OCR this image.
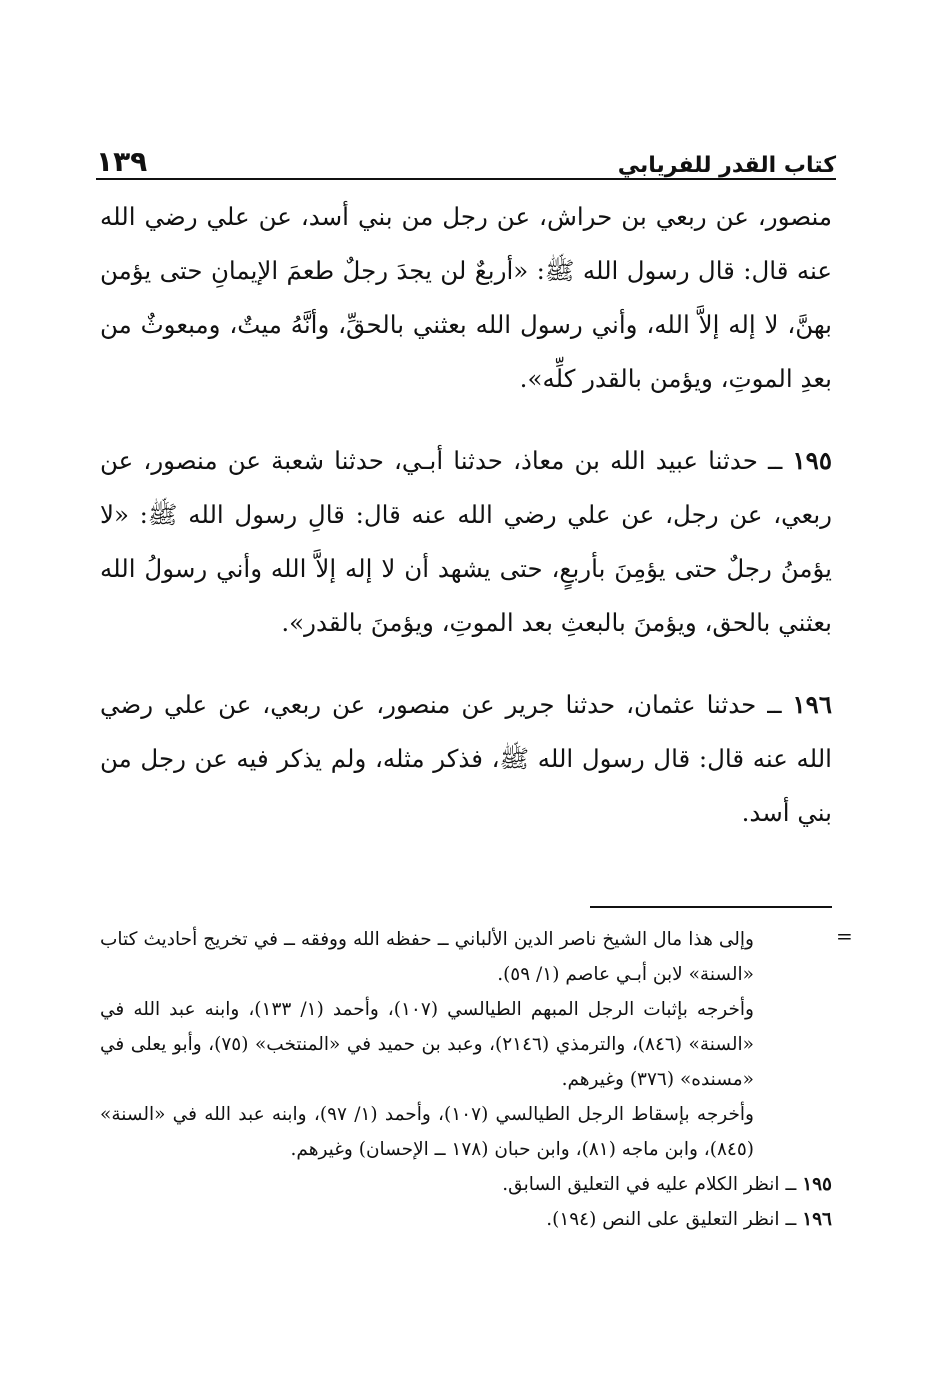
كتاب القدر للفريابي
١٣٩

منصور، عن ربعي بن حراش، عن رجل من بني أسد، عن علي رضي الله عنه قال: قال رسول الله ﷺ: «أربعٌ لن يجدَ رجلٌ طعمَ الإيمانِ حتى يؤمن بهنَّ، لا إله إلاَّ الله، وأني رسول الله بعثني بالحقِّ، وأنَّهُ ميتٌ، ومبعوثٌ من بعدِ الموتِ، ويؤمن بالقدر كلِّه».

١٩٥ ــ حدثنا عبيد الله بن معاذ، حدثنا أبـي، حدثنا شعبة عن منصور، عن ربعي، عن رجل، عن علي رضي الله عنه قال: قالِ رسول الله ﷺ: «لا يؤمنُ رجلٌ حتى يؤمِنَ بأربعٍ، حتى يشهد أن لا إله إلاَّ الله وأني رسولُ الله بعثني بالحق، ويؤمنَ بالبعثِ بعد الموتِ، ويؤمنَ بالقدر».

١٩٦ ــ حدثنا عثمان، حدثنا جرير عن منصور، عن ربعي، عن علي رضي الله عنه قال: قال رسول الله ﷺ، فذكر مثله، ولم يذكر فيه عن رجل من بني أسد.

=

وإلى هذا مال الشيخ ناصر الدين الألباني ــ حفظه الله ووفقه ــ في تخريج أحاديث كتاب «السنة» لابن أبـي عاصم (١/ ٥٩).

وأخرجه بإثبات الرجل المبهم الطيالسي (١٠٧)، وأحمد (١/ ١٣٣)، وابنه عبد الله في «السنة» (٨٤٦)، والترمذي (٢١٤٦)، وعبد بن حميد في «المنتخب» (٧٥)، وأبو يعلى في «مسنده» (٣٧٦) وغيرهم.

وأخرجه بإسقاط الرجل الطيالسي (١٠٧)، وأحمد (١/ ٩٧)، وابنه عبد الله في «السنة» (٨٤٥)، وابن ماجه (٨١)، وابن حبان (١٧٨ ــ الإحسان) وغيرهم.

١٩٥ ــ انظر الكلام عليه في التعليق السابق.

١٩٦ ــ انظر التعليق على النص (١٩٤).
